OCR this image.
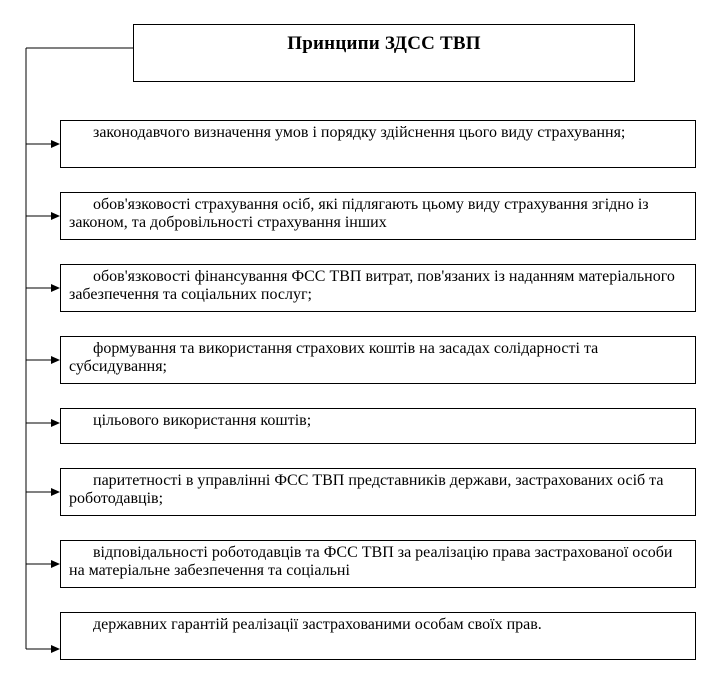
Принципи ЗДСС ТВП

законодавчого визначення умов і порядку здійснення цього виду страхування;

обов'язковості страхування осіб, які підлягають цьому виду страхування згідно із законом, та добровільності страхування інших

обов'язковості фінансування ФСС ТВП витрат, пов'язаних із наданням матеріального забезпечення та соціальних послуг;

формування та використання страхових коштів на засадах солідарності та субсидування;

цільового використання коштів;

паритетності в управлінні ФСС ТВП представників держави, застрахованих осіб та роботодавців;

відповідальності роботодавців та ФСС ТВП за реалізацію права застрахованої особи на матеріальне забезпечення та соціальні

державних гарантій реалізації застрахованими особам своїх прав.
